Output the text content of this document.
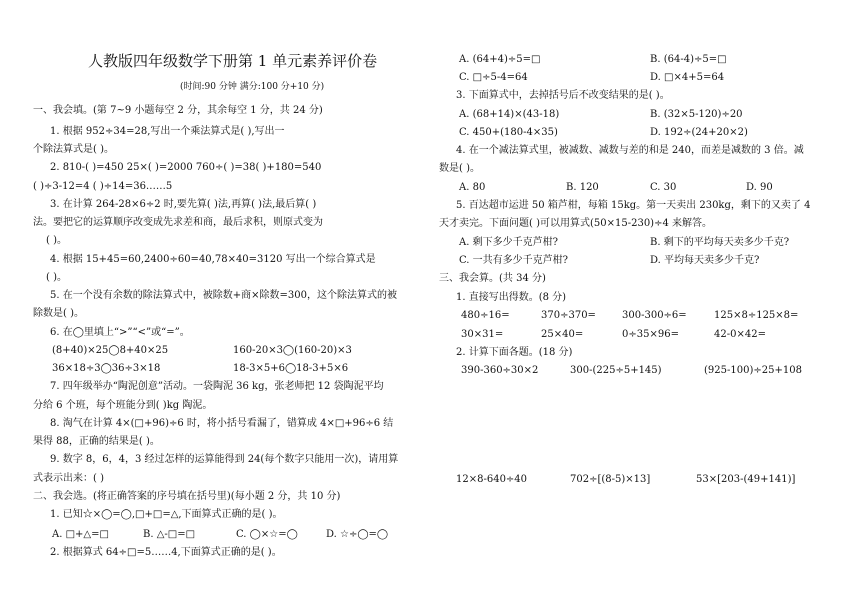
人教版四年级数学下册第 1 单元素养评价卷
(时间:90 分钟 满分:100 分+10 分)
一、我会填。(第 7~9 小题每空 2 分，其余每空 1 分，共 24 分)
1. 根据 952÷34=28,写出一个乘法算式是( ),写出一
个除法算式是( )。
2. 810-( )=450 25×( )=2000 760÷( )=38( )+180=540
( )÷3-12=4 ( )÷14=36……5
3. 在计算 264-28×6÷2 时,要先算( )法,再算( )法,最后算( )
法。要把它的运算顺序改变成先求差和商，最后求积，则原式变为
( )。
4. 根据 15+45=60,2400÷60=40,78×40=3120 写出一个综合算式是
( )。
5. 在一个没有余数的除法算式中，被除数+商×除数=300，这个除法算式的被
除数是( )。
6. 在◯里填上“>”“<”或“=”。
(8+40)×25◯8+40×25	160-20×3◯(160-20)×3
36×18÷3◯36÷3×18	18-3×5+6◯18-3+5×6
7. 四年级举办“陶泥创意”活动。一袋陶泥 36 kg，张老师把 12 袋陶泥平均
分给 6 个班，每个班能分到( )kg 陶泥。
8. 淘气在计算 4×(□+96)÷6 时，将小括号看漏了，错算成 4×□+96÷6 结
果得 88，正确的结果是( )。
9. 数字 8，6，4，3 经过怎样的运算能得到 24(每个数字只能用一次)，请用算
式表示出来：( )
二、我会选。(将正确答案的序号填在括号里)(每小题 2 分，共 10 分)
1. 已知☆×◯=◯,□+□=△,下面算式正确的是( )。
A. □+△=□	B. △-□=□	C. ◯×☆=◯	D. ☆÷◯=◯
2. 根据算式 64÷□=5……4,下面算式正确的是( )。
A. (64+4)÷5=□	B. (64-4)÷5=□
C. □÷5-4=64	D. □×4+5=64
3. 下面算式中，去掉括号后不改变结果的是( )。
A. (68+14)×(43-18)	B. (32×5-120)÷20
C. 450+(180-4×35)	D. 192÷(24+20×2)
4. 在一个减法算式里，被减数、减数与差的和是 240，而差是减数的 3 倍。减
数是( )。
A. 80	B. 120	C. 30	D. 90
5. 百达超市运进 50 箱芦柑，每箱 15kg。第一天卖出 230kg，剩下的又卖了 4
天才卖完。下面问题( )可以用算式(50×15-230)÷4 来解答。
A. 剩下多少千克芦柑?	B. 剩下的平均每天卖多少千克?
C. 一共有多少千克芦柑?	D. 平均每天卖多少千克?
三、我会算。(共 34 分)
1. 直接写出得数。(8 分)
480÷16=	370÷370=	300-300÷6=	125×8÷125×8=
30×31=	25×40=	0÷35×96=	42-0×42=
2. 计算下面各题。(18 分)
390-360÷30×2	300-(225÷5+145)	(925-100)÷25+108
12×8-640÷40	702÷[(8-5)×13]	53×[203-(49+141)]
